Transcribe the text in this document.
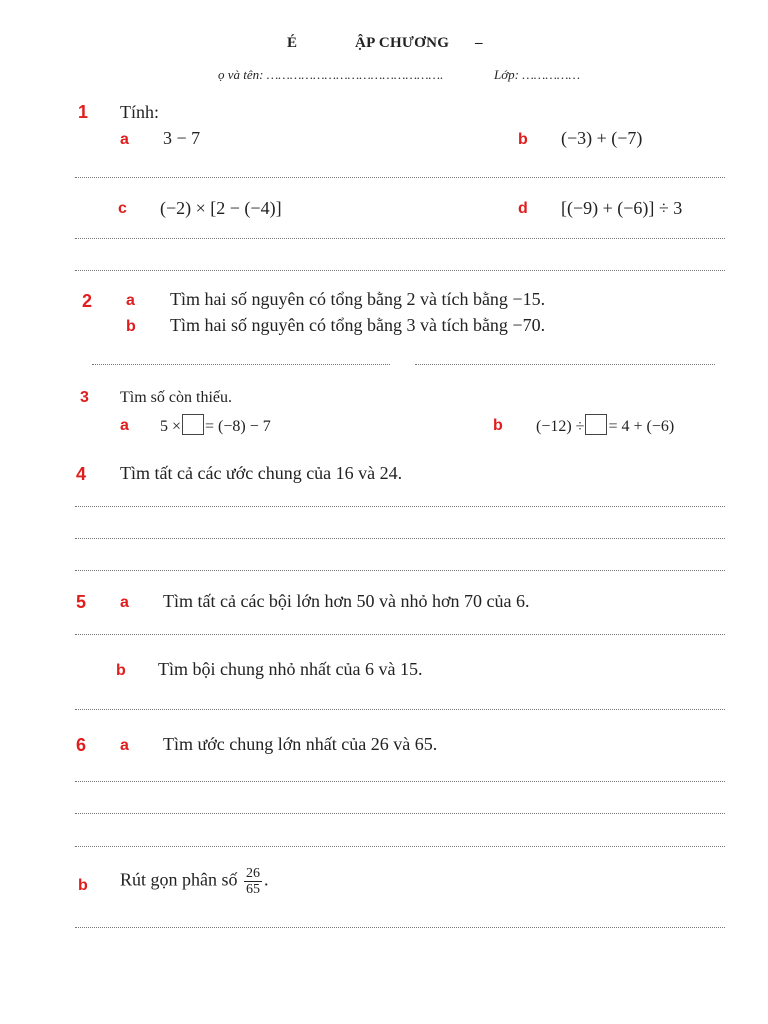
É	ẬP CHƯƠNG –
ọ và tên: ……………………………………….	Lớp: ……………
1 Tính:
a 3 − 7	b (−3) + (−7)
c (−2) × [2 − (−4)]	d [(−9) + (−6)] ÷ 3
2 a Tìm hai số nguyên có tổng bằng 2 và tích bằng −15.
b Tìm hai số nguyên có tổng bằng 3 và tích bằng −70.
3 Tìm số còn thiếu.
a 5 × = (−8) − 7	b (−12) ÷ = 4 + (−6)
4 Tìm tất cả các ước chung của 16 và 24.
5 a Tìm tất cả các bội lớn hơn 50 và nhỏ hơn 70 của 6.
b Tìm bội chung nhỏ nhất của 6 và 15.
6 a Tìm ước chung lớn nhất của 26 và 65.
b Rút gọn phân số $\frac{26}{65}$ .
